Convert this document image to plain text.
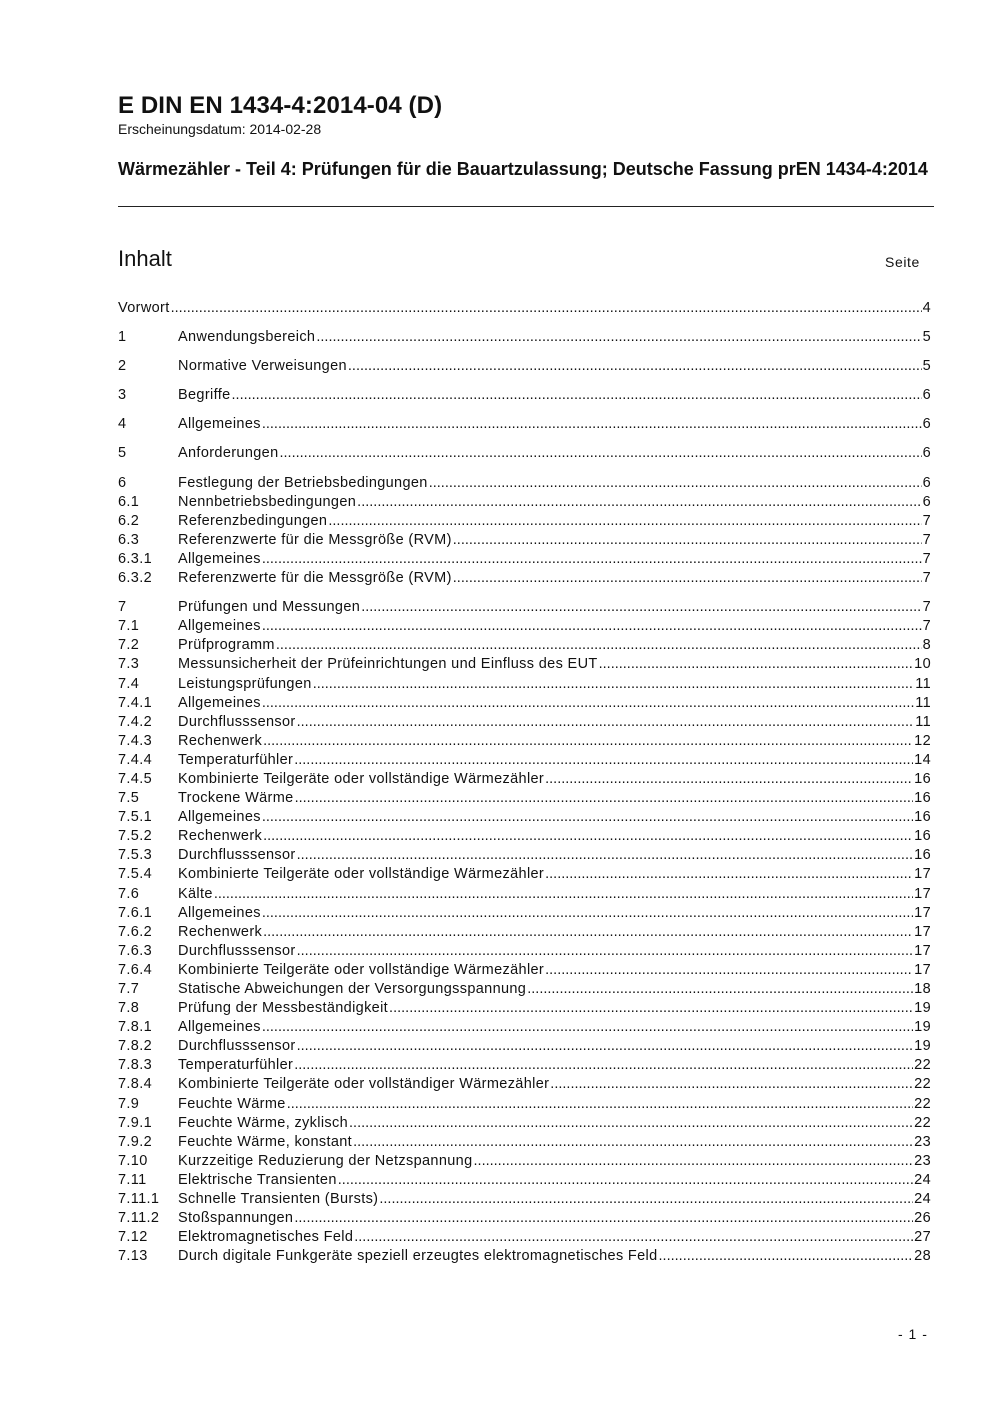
E DIN EN 1434-4:2014-04 (D)
Erscheinungsdatum: 2014-02-28
Wärmezähler - Teil 4: Prüfungen für die Bauartzulassung; Deutsche Fassung prEN 1434-4:2014
Inhalt	Seite
Vorwort .....	4
1	Anwendungsbereich .....	5
2	Normative Verweisungen .....	5
3	Begriffe .....	6
4	Allgemeines .....	6
5	Anforderungen .....	6
6	Festlegung der Betriebsbedingungen .....	6
6.1	Nennbetriebsbedingungen .....	6
6.2	Referenzbedingungen .....	7
6.3	Referenzwerte für die Messgröße (RVM) .....	7
6.3.1	Allgemeines .....	7
6.3.2	Referenzwerte für die Messgröße (RVM) .....	7
7	Prüfungen und Messungen .....	7
7.1	Allgemeines .....	7
7.2	Prüfprogramm .....	8
7.3	Messunsicherheit der Prüfeinrichtungen und Einfluss des EUT .....	10
7.4	Leistungsprüfungen .....	11
7.4.1	Allgemeines .....	11
7.4.2	Durchflusssensor .....	11
7.4.3	Rechenwerk .....	12
7.4.4	Temperaturfühler .....	14
7.4.5	Kombinierte Teilgeräte oder vollständige Wärmezähler .....	16
7.5	Trockene Wärme .....	16
7.5.1	Allgemeines .....	16
7.5.2	Rechenwerk .....	16
7.5.3	Durchflusssensor .....	16
7.5.4	Kombinierte Teilgeräte oder vollständige Wärmezähler .....	17
7.6	Kälte .....	17
7.6.1	Allgemeines .....	17
7.6.2	Rechenwerk .....	17
7.6.3	Durchflusssensor .....	17
7.6.4	Kombinierte Teilgeräte oder vollständige Wärmezähler .....	17
7.7	Statische Abweichungen der Versorgungsspannung .....	18
7.8	Prüfung der Messbeständigkeit .....	19
7.8.1	Allgemeines .....	19
7.8.2	Durchflusssensor .....	19
7.8.3	Temperaturfühler .....	22
7.8.4	Kombinierte Teilgeräte oder vollständiger Wärmezähler .....	22
7.9	Feuchte Wärme .....	22
7.9.1	Feuchte Wärme, zyklisch .....	22
7.9.2	Feuchte Wärme, konstant .....	23
7.10	Kurzzeitige Reduzierung der Netzspannung .....	23
7.11	Elektrische Transienten .....	24
7.11.1	Schnelle Transienten (Bursts) .....	24
7.11.2	Stoßspannungen .....	26
7.12	Elektromagnetisches Feld .....	27
7.13	Durch digitale Funkgeräte speziell erzeugtes elektromagnetisches Feld .....	28
- 1 -
